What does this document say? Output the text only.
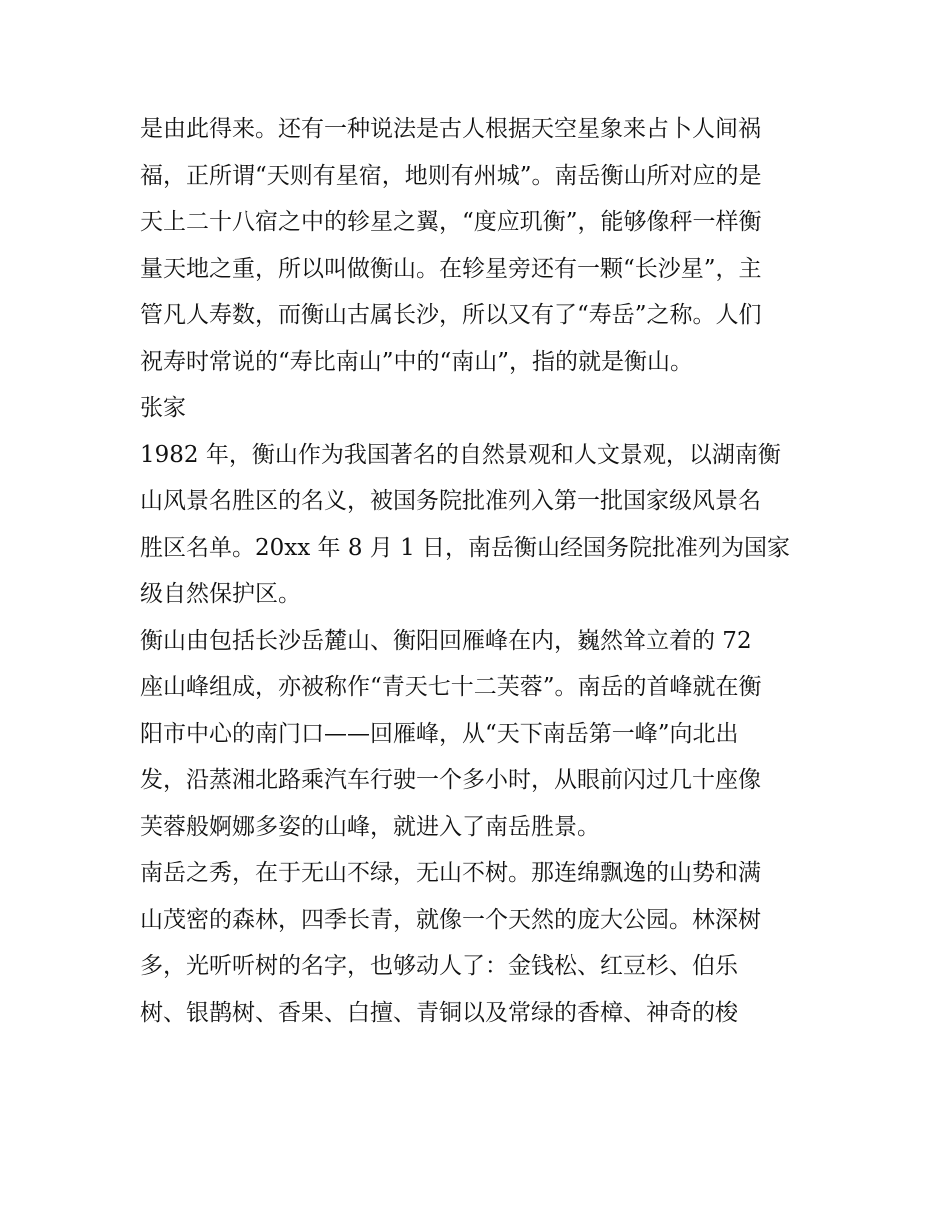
是由此得来。还有一种说法是古人根据天空星象来占卜人间祸
福，正所谓“天则有星宿，地则有州城”。南岳衡山所对应的是
天上二十八宿之中的轸星之翼，“度应玑衡”，能够像秤一样衡
量天地之重，所以叫做衡山。在轸星旁还有一颗“长沙星”，主
管凡人寿数，而衡山古属长沙，所以又有了“寿岳”之称。人们
祝寿时常说的“寿比南山”中的“南山”，指的就是衡山。
张家
1982 年，衡山作为我国著名的自然景观和人文景观，以湖南衡
山风景名胜区的名义，被国务院批准列入第一批国家级风景名
胜区名单。20xx 年 8 月 1 日，南岳衡山经国务院批准列为国家
级自然保护区。
衡山由包括长沙岳麓山、衡阳回雁峰在内，巍然耸立着的 72
座山峰组成，亦被称作“青天七十二芙蓉”。南岳的首峰就在衡
阳市中心的南门口——回雁峰，从“天下南岳第一峰”向北出
发，沿蒸湘北路乘汽车行驶一个多小时，从眼前闪过几十座像
芙蓉般婀娜多姿的山峰，就进入了南岳胜景。
南岳之秀，在于无山不绿，无山不树。那连绵飘逸的山势和满
山茂密的森林，四季长青，就像一个天然的庞大公园。林深树
多，光听听树的名字，也够动人了：金钱松、红豆杉、伯乐
树、银鹊树、香果、白擅、青铜以及常绿的香樟、神奇的梭
